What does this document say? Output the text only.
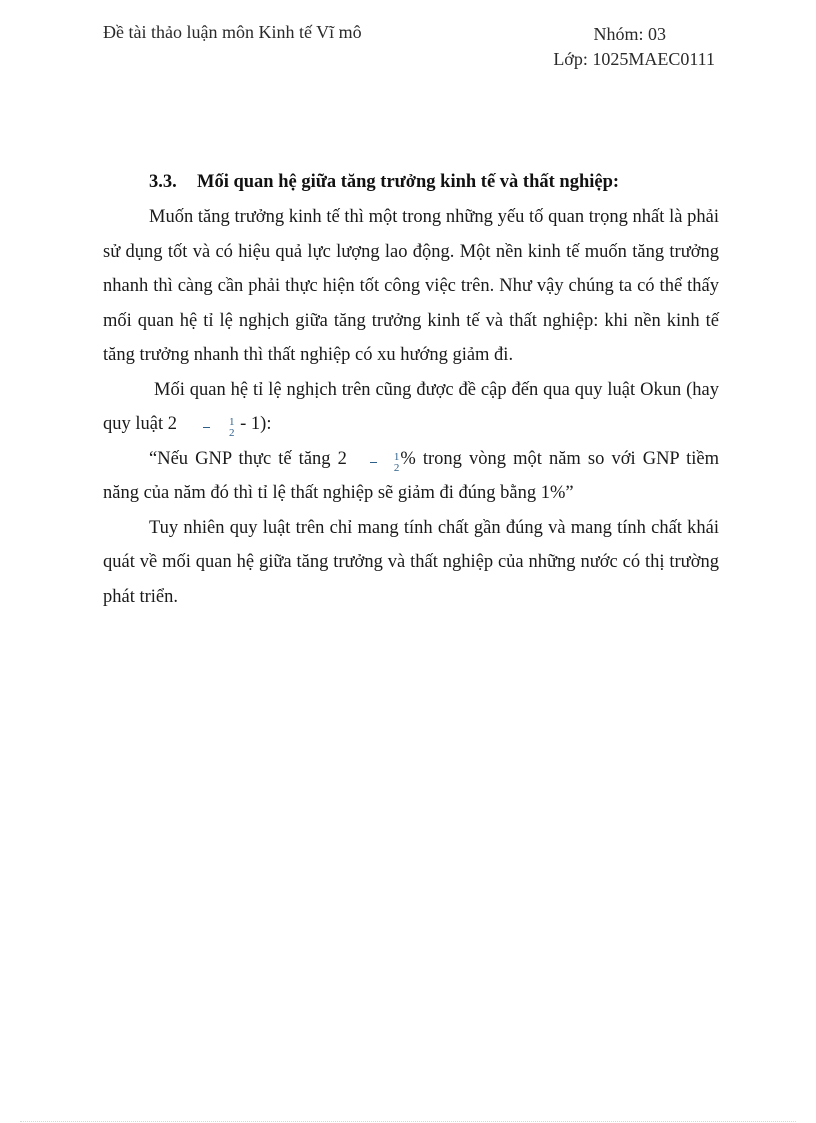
Đề tài thảo luận môn Kinh tế Vĩ mô	Nhóm: 03
Lớp: 1025MAEC0111
3.3. Mối quan hệ giữa tăng trưởng kinh tế và thất nghiệp:

Muốn tăng trưởng kinh tế thì một trong những yếu tố quan trọng nhất là phải sử dụng tốt và có hiệu quả lực lượng lao động. Một nền kinh tế muốn tăng trưởng nhanh thì càng cần phải thực hiện tốt công việc trên. Như vậy chúng ta có thể thấy mối quan hệ tỉ lệ nghịch giữa tăng trưởng kinh tế và thất nghiệp: khi nền kinh tế tăng trưởng nhanh thì thất nghiệp có xu hướng giảm đi.

Mối quan hệ tỉ lệ nghịch trên cũng được đề cập đến qua quy luật Okun (hay quy luật $2 \frac{1}{2} - 1$):

“Nếu GNP thực tế tăng $2 \frac{1}{2}$ % trong vòng một năm so với GNP tiềm năng của năm đó thì tỉ lệ thất nghiệp sẽ giảm đi đúng bằng 1%”

Tuy nhiên quy luật trên chỉ mang tính chất gần đúng và mang tính chất khái quát về mối quan hệ giữa tăng trưởng và thất nghiệp của những nước có thị trường phát triển.
